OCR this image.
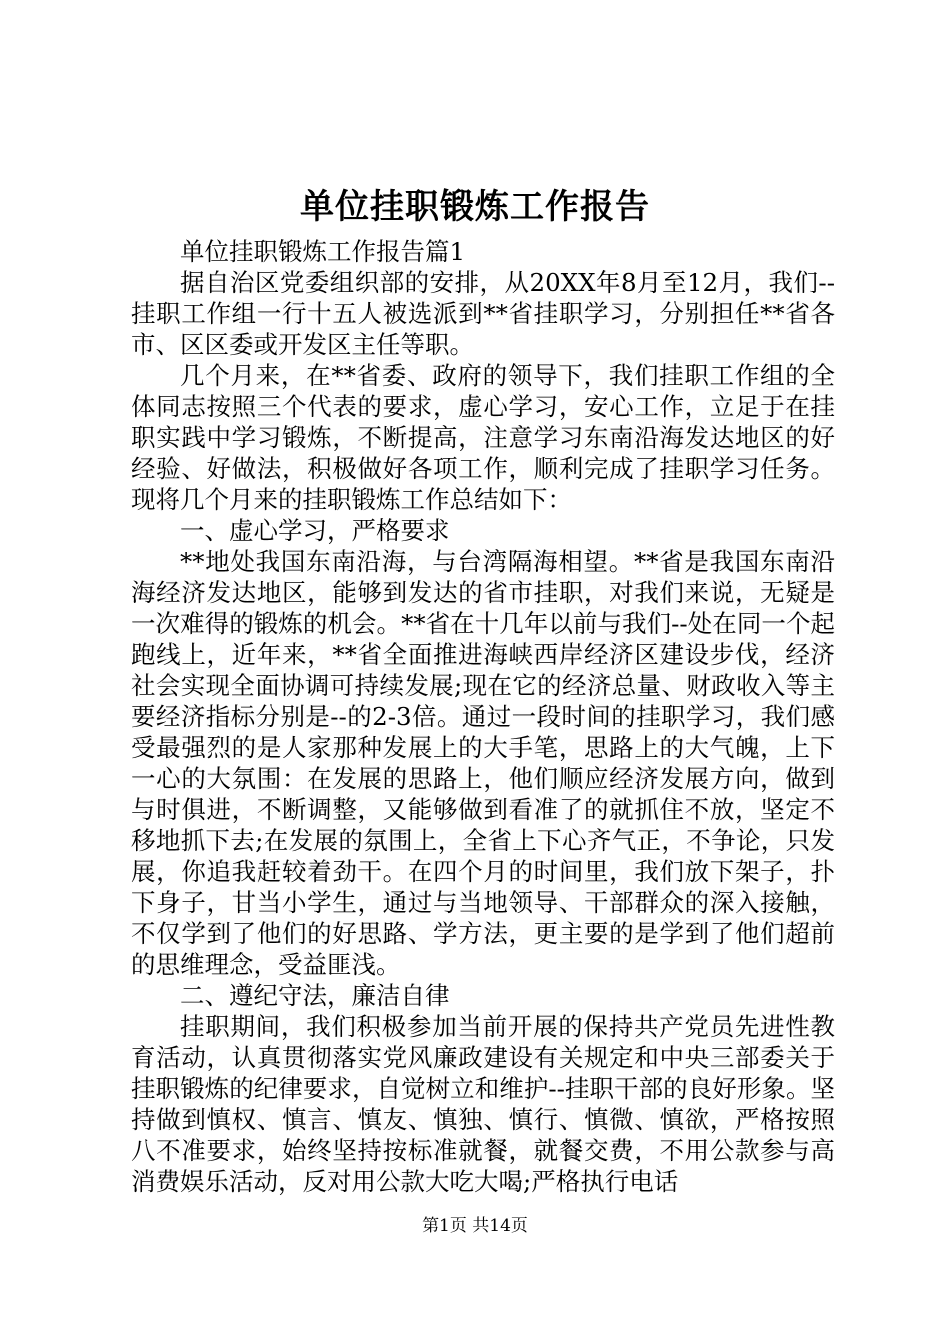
单位挂职锻炼工作报告

单位挂职锻炼工作报告篇1

据自治区党委组织部的安排，从20XX年8月至12月，我们--挂职工作组一行十五人被选派到**省挂职学习，分别担任**省各市、区区委或开发区主任等职。

几个月来，在**省委、政府的领导下，我们挂职工作组的全体同志按照三个代表的要求，虚心学习，安心工作，立足于在挂职实践中学习锻炼，不断提高，注意学习东南沿海发达地区的好经验、好做法，积极做好各项工作，顺利完成了挂职学习任务。现将几个月来的挂职锻炼工作总结如下：

一、虚心学习，严格要求

**地处我国东南沿海，与台湾隔海相望。**省是我国东南沿海经济发达地区，能够到发达的省市挂职，对我们来说，无疑是一次难得的锻炼的机会。**省在十几年以前与我们--处在同一个起跑线上，近年来，**省全面推进海峡西岸经济区建设步伐，经济社会实现全面协调可持续发展;现在它的经济总量、财政收入等主要经济指标分别是--的2-3倍。通过一段时间的挂职学习，我们感受最强烈的是人家那种发展上的大手笔，思路上的大气魄，上下一心的大氛围：在发展的思路上，他们顺应经济发展方向，做到与时俱进，不断调整，又能够做到看准了的就抓住不放，坚定不移地抓下去;在发展的氛围上，全省上下心齐气正，不争论，只发展，你追我赶较着劲干。在四个月的时间里，我们放下架子，扑下身子，甘当小学生，通过与当地领导、干部群众的深入接触，不仅学到了他们的好思路、学方法，更主要的是学到了他们超前的思维理念，受益匪浅。

二、遵纪守法，廉洁自律

挂职期间，我们积极参加当前开展的保持共产党员先进性教育活动，认真贯彻落实党风廉政建设有关规定和中央三部委关于挂职锻炼的纪律要求，自觉树立和维护--挂职干部的良好形象。坚持做到慎权、慎言、慎友、慎独、慎行、慎微、慎欲，严格按照八不准要求，始终坚持按标准就餐，就餐交费，不用公款参与高消费娱乐活动，反对用公款大吃大喝;严格执行电话

第1页 共14页
